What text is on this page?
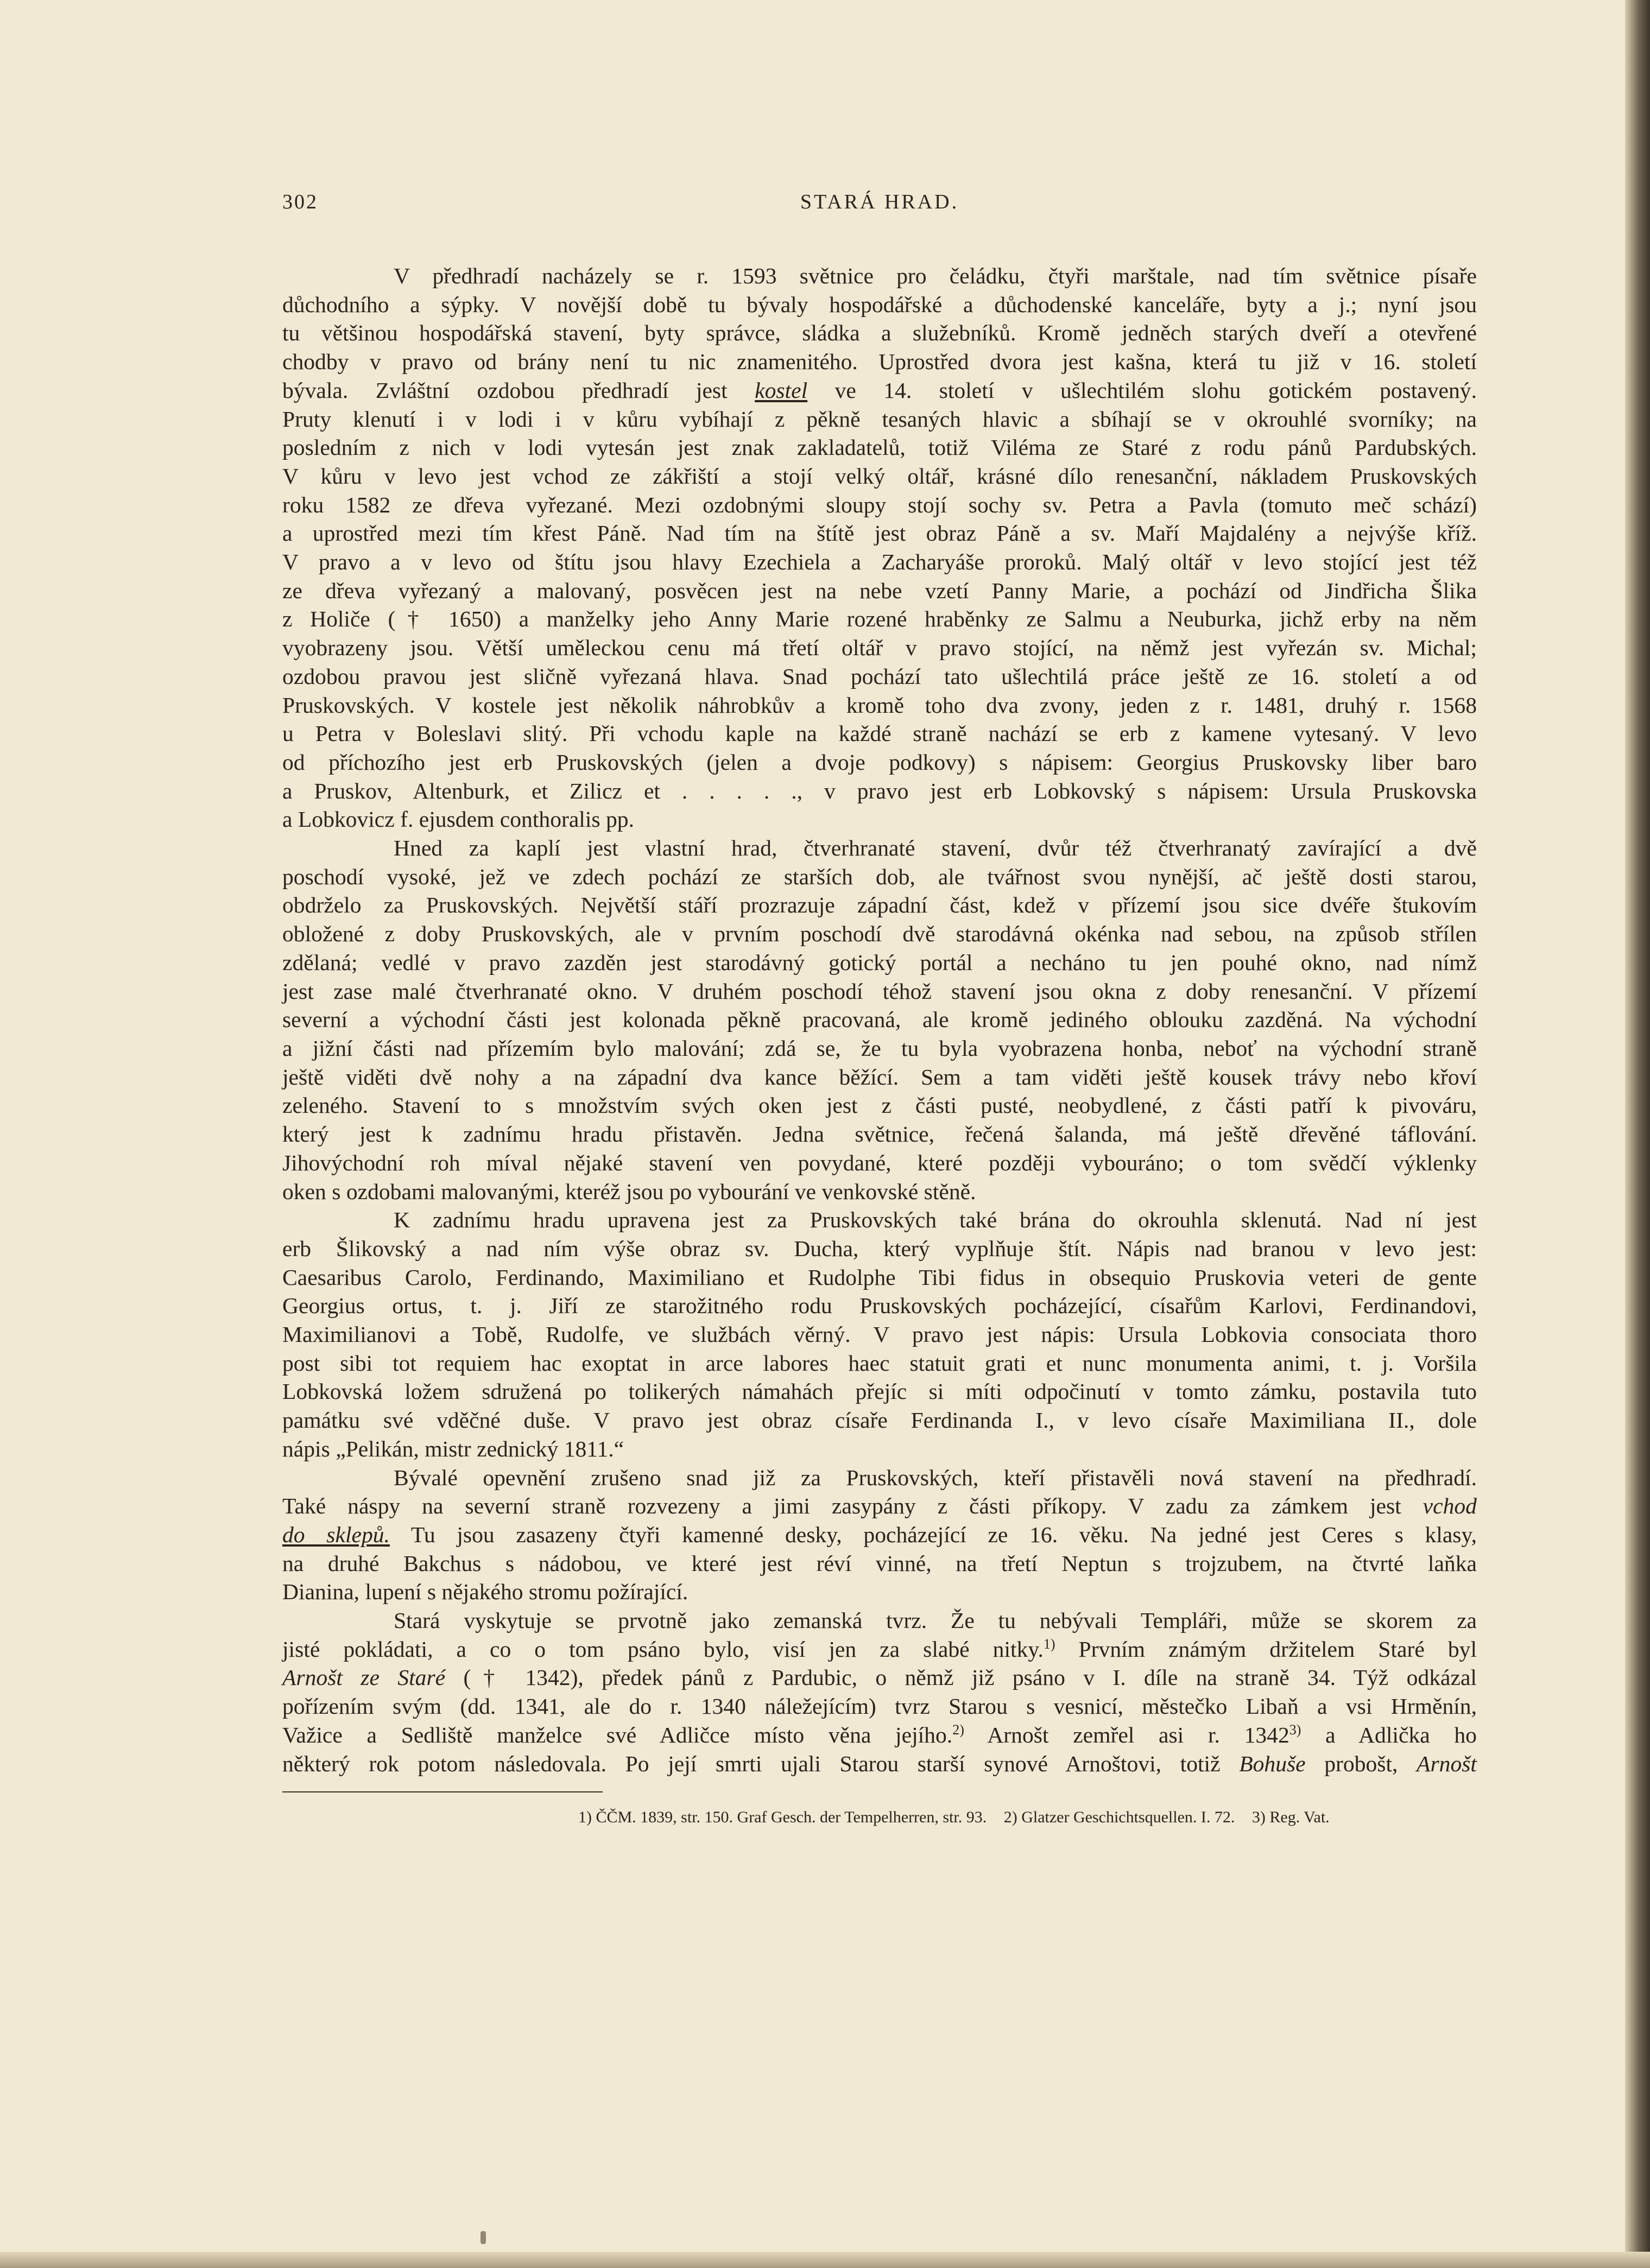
302	STARÁ HRAD.

V předhradí nacházely se r. 1593 světnice pro čeládku, čtyři marštale, nad tím světnice písaře
důchodního a sýpky. V novější době tu bývaly hospodářské a důchodenské kanceláře, byty a j.; nyní jsou
tu většinou hospodářská stavení, byty správce, sládka a služebníků. Kromě jedněch starých dveří a otevřené
chodby v pravo od brány není tu nic znamenitého. Uprostřed dvora jest kašna, která tu již v 16. století
bývala. Zvláštní ozdobou předhradí jest kostel ve 14. století v ušlechtilém slohu gotickém postavený.
Pruty klenutí i v lodi i v kůru vybíhají z pěkně tesaných hlavic a sbíhají se v okrouhlé svorníky; na
posledním z nich v lodi vytesán jest znak zakladatelů, totiž Viléma ze Staré z rodu pánů Pardubských.
V kůru v levo jest vchod ze zákřiští a stojí velký oltář, krásné dílo renesanční, nákladem Pruskovských
roku 1582 ze dřeva vyřezané. Mezi ozdobnými sloupy stojí sochy sv. Petra a Pavla (tomuto meč schází)
a uprostřed mezi tím křest Páně. Nad tím na štítě jest obraz Páně a sv. Maří Majdalény a nejvýše kříž.
V pravo a v levo od štítu jsou hlavy Ezechiela a Zacharyáše proroků. Malý oltář v levo stojící jest též
ze dřeva vyřezaný a malovaný, posvěcen jest na nebe vzetí Panny Marie, a pochází od Jindřicha Šlika
z Holiče († 1650) a manželky jeho Anny Marie rozené hraběnky ze Salmu a Neuburka, jichž erby na něm
vyobrazeny jsou. Větší uměleckou cenu má třetí oltář v pravo stojící, na němž jest vyřezán sv. Michal;
ozdobou pravou jest sličně vyřezaná hlava. Snad pochází tato ušlechtilá práce ještě ze 16. století a od
Pruskovských. V kostele jest několik náhrobkův a kromě toho dva zvony, jeden z r. 1481, druhý r. 1568
u Petra v Boleslavi slitý. Při vchodu kaple na každé straně nachází se erb z kamene vytesaný. V levo
od příchozího jest erb Pruskovských (jelen a dvoje podkovy) s nápisem: Georgius Pruskovsky liber baro
a Pruskov, Altenburk, et Zilicz et . . . . ., v pravo jest erb Lobkovský s nápisem: Ursula Pruskovska
a Lobkovicz f. ejusdem conthoralis pp.

Hned za kaplí jest vlastní hrad, čtverhranaté stavení, dvůr též čtverhranatý zavírající a dvě
poschodí vysoké, jež ve zdech pochází ze starších dob, ale tvářnost svou nynější, ač ještě dosti starou,
obdrželo za Pruskovských. Největší stáří prozrazuje západní část, kdež v přízemí jsou sice dvéře štukovím
obložené z doby Pruskovských, ale v prvním poschodí dvě starodávná okénka nad sebou, na způsob střílen
zdělaná; vedlé v pravo zazděn jest starodávný gotický portál a necháno tu jen pouhé okno, nad nímž
jest zase malé čtverhranaté okno. V druhém poschodí téhož stavení jsou okna z doby renesanční. V přízemí
severní a východní části jest kolonada pěkně pracovaná, ale kromě jediného oblouku zazděná. Na východní
a jižní části nad přízemím bylo malování; zdá se, že tu byla vyobrazena honba, neboť na východní straně
ještě viděti dvě nohy a na západní dva kance běžící. Sem a tam viděti ještě kousek trávy nebo křoví
zeleného. Stavení to s množstvím svých oken jest z části pusté, neobydlené, z části patří k pivováru,
který jest k zadnímu hradu přistavěn. Jedna světnice, řečená šalanda, má ještě dřevěné táflování.
Jihovýchodní roh míval nějaké stavení ven povydané, které později vybouráno; o tom svědčí výklenky
oken s ozdobami malovanými, kteréž jsou po vybourání ve venkovské stěně.

K zadnímu hradu upravena jest za Pruskovských také brána do okrouhla sklenutá. Nad ní jest
erb Šlikovský a nad ním výše obraz sv. Ducha, který vyplňuje štít. Nápis nad branou v levo jest:
Caesaribus Carolo, Ferdinando, Maximiliano et Rudolphe Tibi fidus in obsequio Pruskovia veteri de gente
Georgius ortus, t. j. Jiří ze starožitného rodu Pruskovských pocházející, císařům Karlovi, Ferdinandovi,
Maximilianovi a Tobě, Rudolfe, ve službách věrný. V pravo jest nápis: Ursula Lobkovia consociata thoro
post sibi tot requiem hac exoptat in arce labores haec statuit grati et nunc monumenta animi, t. j. Voršila
Lobkovská ložem sdružená po tolikerých námahách přejíc si míti odpočinutí v tomto zámku, postavila tuto
památku své vděčné duše. V pravo jest obraz císaře Ferdinanda I., v levo císaře Maximiliana II., dole
nápis „Pelikán, mistr zednický 1811.“

Bývalé opevnění zrušeno snad již za Pruskovských, kteří přistavěli nová stavení na předhradí.
Také náspy na severní straně rozvezeny a jimi zasypány z části příkopy. V zadu za zámkem jest vchod
do sklepů. Tu jsou zasazeny čtyři kamenné desky, pocházející ze 16. věku. Na jedné jest Ceres s klasy,
na druhé Bakchus s nádobou, ve které jest réví vinné, na třetí Neptun s trojzubem, na čtvrté laňka
Dianina, lupení s nějakého stromu požírající.

Stará vyskytuje se prvotně jako zemanská tvrz. Že tu nebývali Templáři, může se skorem za
jisté pokládati, a co o tom psáno bylo, visí jen za slabé nitky.$^{1)}$ Prvním známým držitelem Staré byl
Arnošt ze Staré († 1342), předek pánů z Pardubic, o němž již psáno v I. díle na straně 34. Týž odkázal
pořízením svým (dd. 1341, ale do r. 1340 náležejícím) tvrz Starou s vesnicí, městečko Libaň a vsi Hrměnín,
Važice a Sedliště manželce své Adličce místo věna jejího.$^{2)}$ Arnošt zemřel asi r. 1342$^{3)}$ a Adlička ho
některý rok potom následovala. Po její smrti ujali Starou starší synové Arnoštovi, totiž Bohuše probošt, Arnošt

1) ČČM. 1839, str. 150. Graf Gesch. der Tempelherren, str. 93. 2) Glatzer Geschichtsquellen. I. 72. 3) Reg. Vat.
